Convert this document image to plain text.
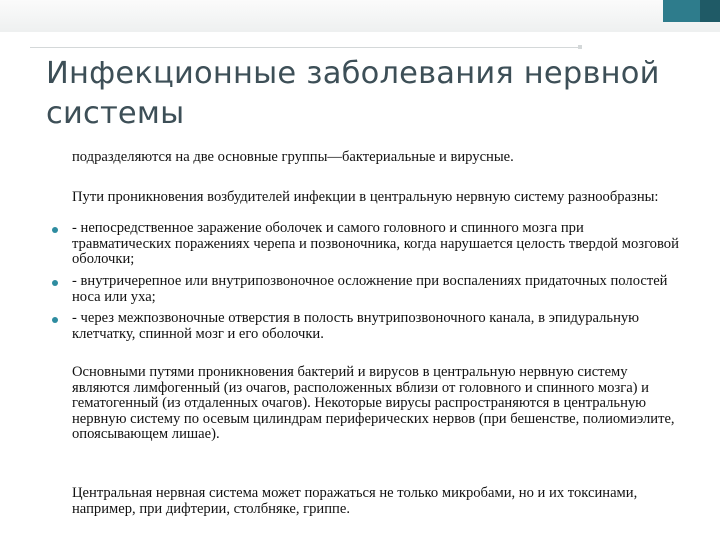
Инфекционные заболевания нервной системы

подразделяются на две основные группы—бактериальные и вирусные.

Пути проникновения возбудителей инфекции в центральную нервную систему разнообразны:

- непосредственное заражение оболочек и самого головного и спинного мозга при травматических поражениях черепа и позвоночника, когда нарушается целость твердой мозговой оболочки;

- внутричерепное или внутрипозвоночное осложнение при воспалениях придаточных полостей носа или уха;

- через межпозвоночные отверстия в полость внутрипозвоночного канала, в эпидуральную клетчатку, спинной мозг и его оболочки.

Основными путями проникновения бактерий и вирусов в центральную нервную систему являются лимфогенный (из очагов, расположенных вблизи от головного и спинного мозга) и гематогенный (из отдаленных очагов). Некоторые вирусы распространяются в центральную нервную систему по осевым цилиндрам периферических нервов (при бешенстве, полиомиэлите, опоясывающем лишае).

Центральная нервная система может поражаться не только микробами, но и их токсинами, например, при дифтерии, столбняке, гриппе.
